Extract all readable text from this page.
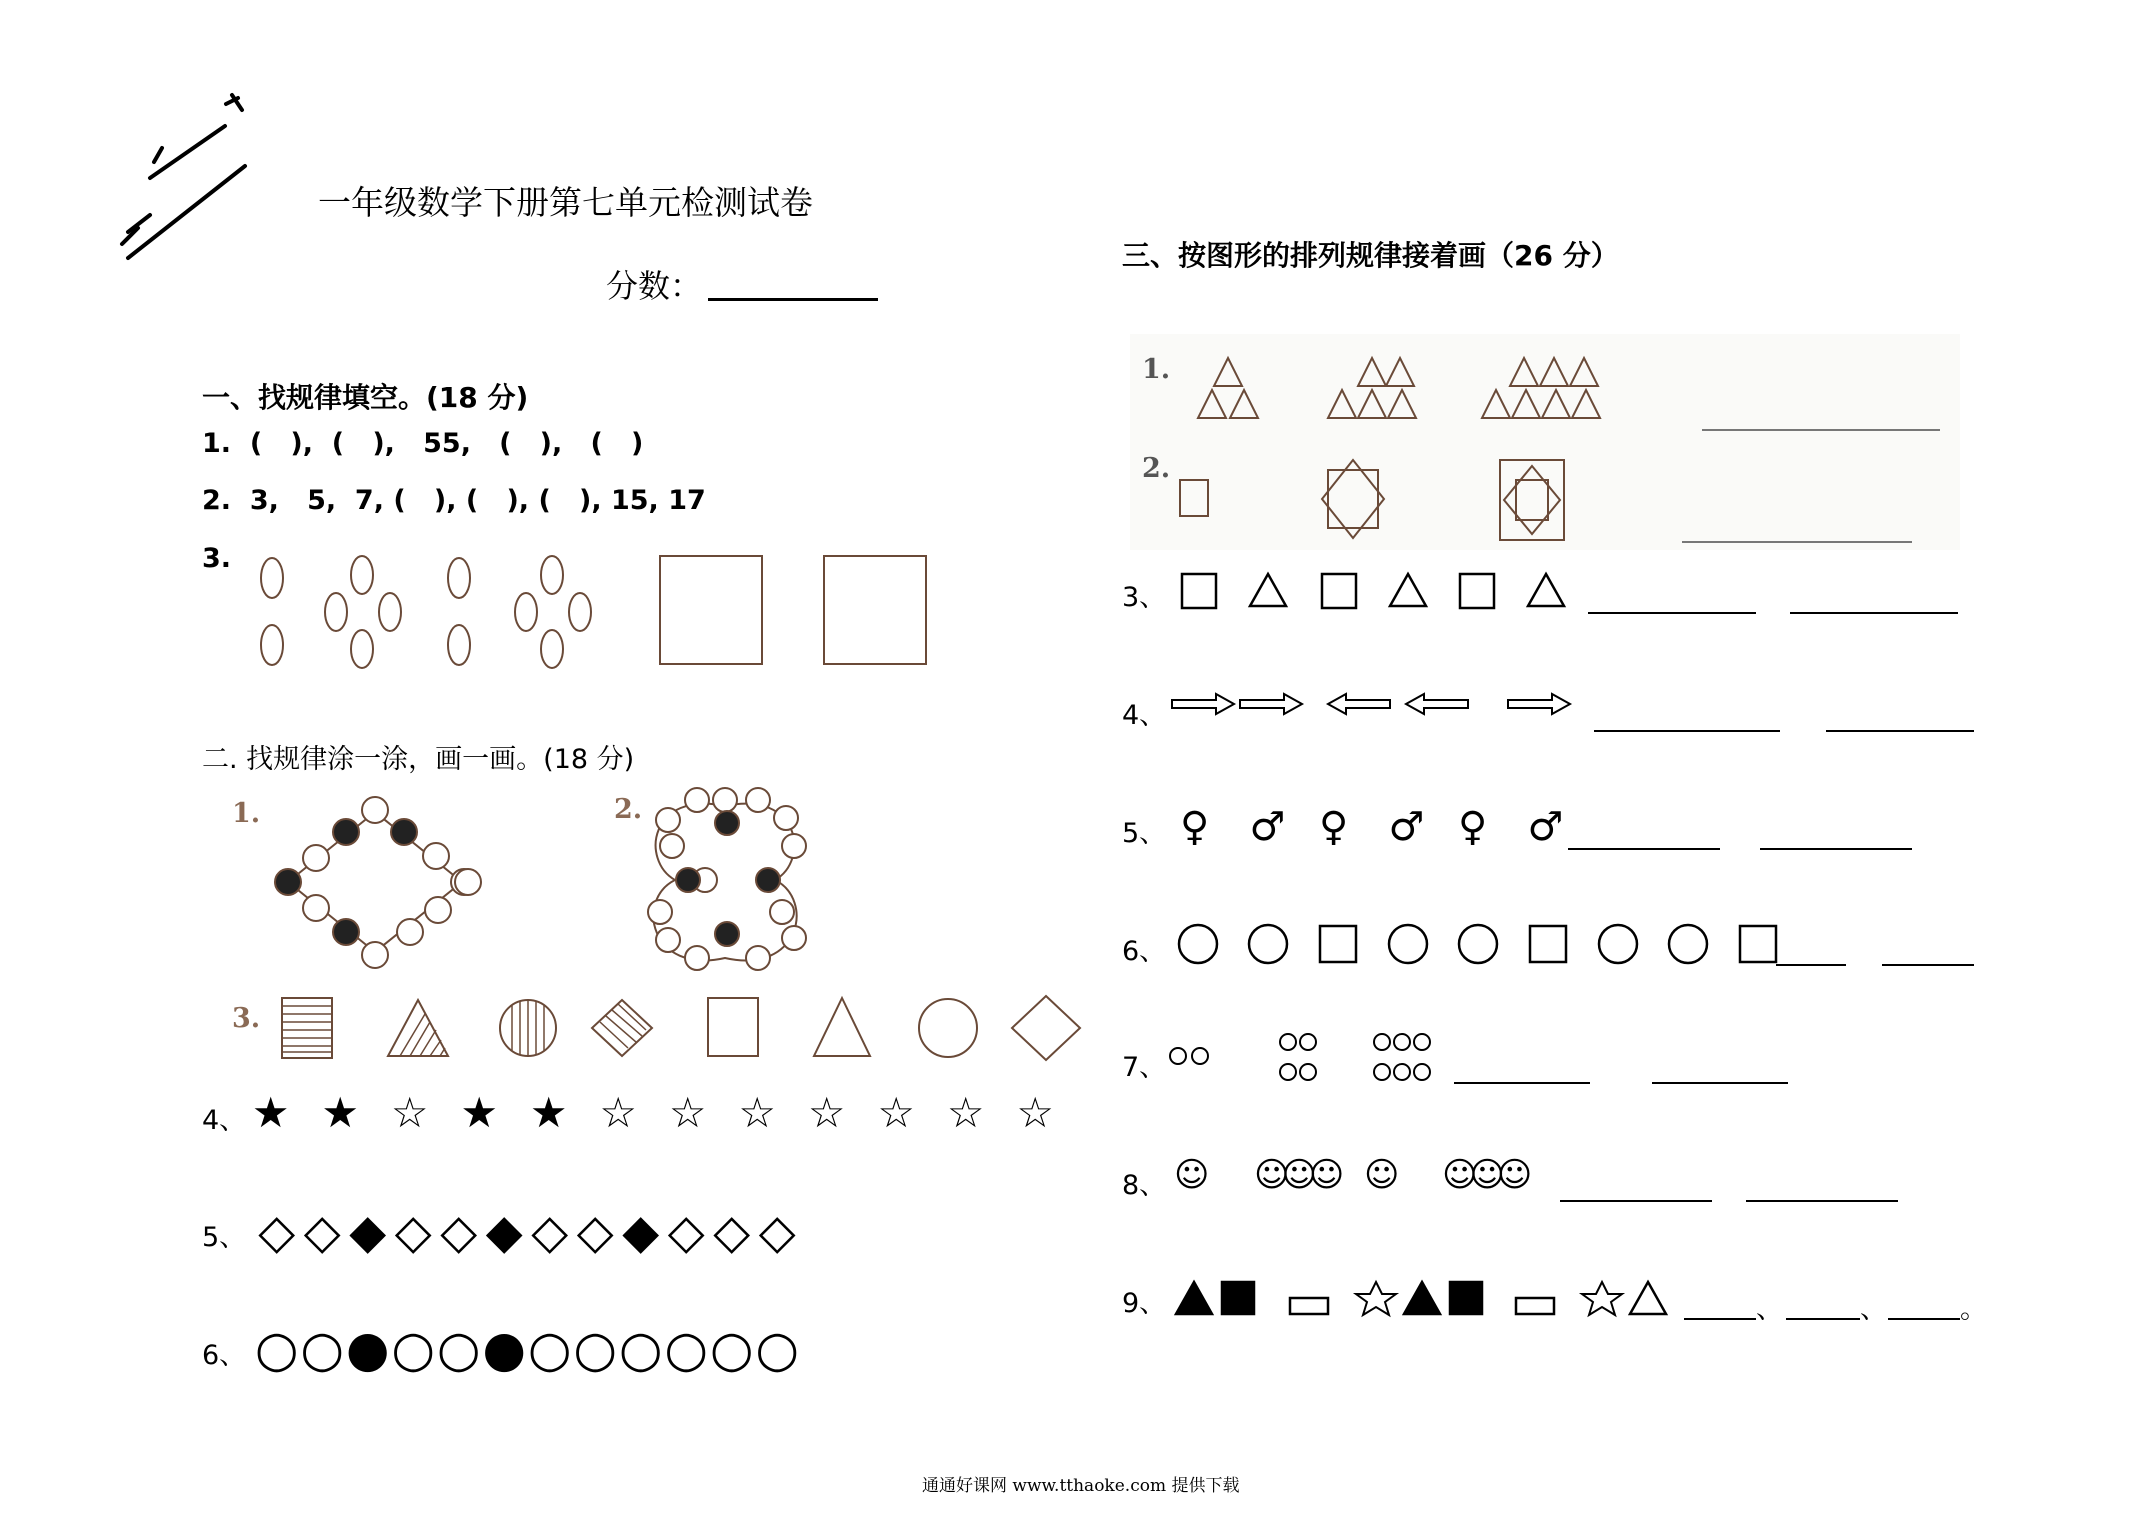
一年级数学下册第七单元检测试卷
分数：
一、找规律填空。(18 分)
1.  (   ),  (   ),   55,   (   ),   (   )
2.  3,   5,  7, (   ), (   ), (   ), 15, 17
3.
二. 找规律涂一涂，画一画。(18 分)
1.	2.
3.
4、 ★ ★ ☆ ★ ★ ☆ ☆ ☆ ☆ ☆ ☆ ☆
5、 ◇ ◇ ◆ ◇ ◇ ◆ ◇ ◇ ◆ ◇ ◇ ◇
6、 ○ ○ ● ○ ○ ● ○ ○ ○ ○ ○ ○
三、按图形的排列规律接着画（26 分）
1.
2.
3、
4、
5、 ♀	♂ ♀	♂ ♀	♂
6、
7、
8、 ☺ ☺☺☺ ☺ ☺☺☺
9、	、	、	。
通通好课网 www.tthaoke.com 提供下载
